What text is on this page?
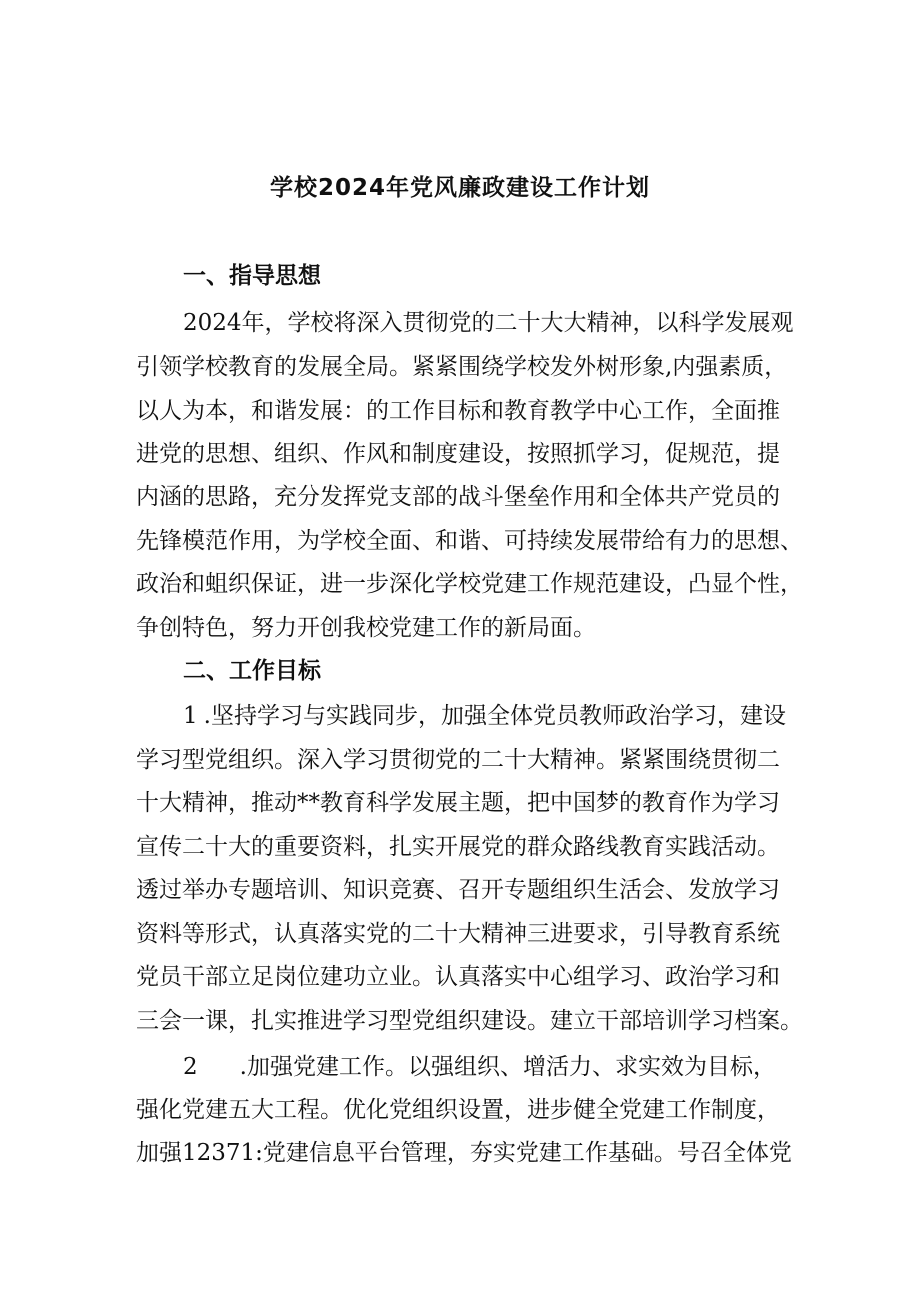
学校2024年党风廉政建设工作计划
一、指导思想
2024年，学校将深入贯彻党的二十大大精神，以科学发展观
引领学校教育的发展全局。紧紧围绕学校发外树形象,内强素质，
以人为本，和谐发展：的工作目标和教育教学中心工作，全面推
进党的思想、组织、作风和制度建设，按照抓学习，促规范，提
内涵的思路，充分发挥党支部的战斗堡垒作用和全体共产党员的
先锋模范作用，为学校全面、和谐、可持续发展带给有力的思想、
政治和蛆织保证，进一步深化学校党建工作规范建设，凸显个性，
争创特色，努力开创我校党建工作的新局面。
二、工作目标
1 .坚持学习与实践同步，加强全体党员教师政治学习，建设
学习型党组织。深入学习贯彻党的二十大精神。紧紧围绕贯彻二
十大精神，推动**教育科学发展主题，把中国梦的教育作为学习
宣传二十大的重要资料，扎实开展党的群众路线教育实践活动。
透过举办专题培训、知识竞赛、召开专题组织生活会、发放学习
资料等形式，认真落实党的二十大精神三进要求，引导教育系统
党员干部立足岗位建功立业。认真落实中心组学习、政治学习和
三会一课，扎实推进学习型党组织建设。建立干部培训学习档案。
2 .加强党建工作。以强组织、增活力、求实效为目标，
强化党建五大工程。优化党组织设置，进步健全党建工作制度，
加强12371:党建信息平台管理，夯实党建工作基础。号召全体党
